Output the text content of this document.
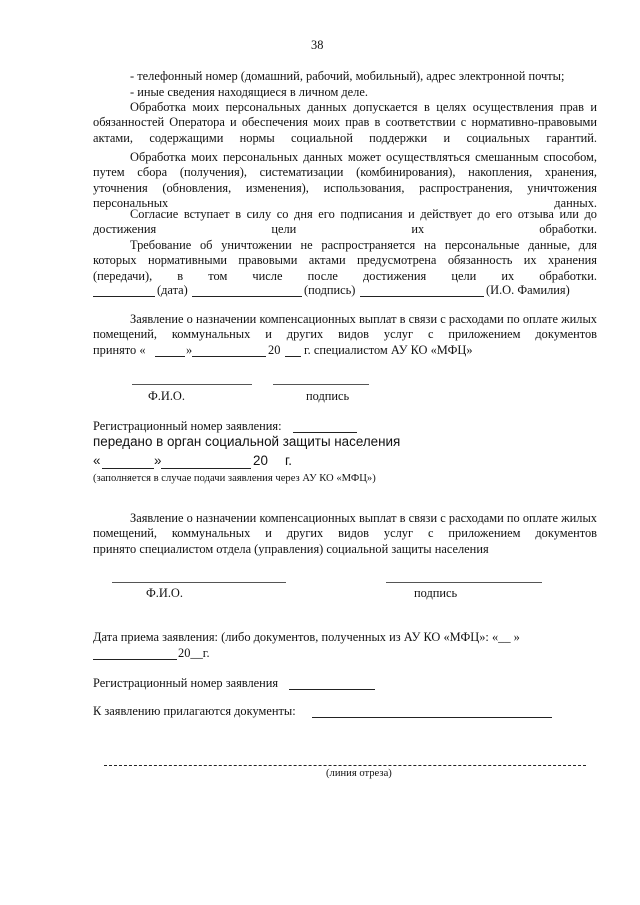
38
- телефонный номер (домашний, рабочий, мобильный), адрес электронной почты;
- иные сведения находящиеся в личном деле.
Обработка моих персональных данных допускается в целях осуществления прав и обязанностей Оператора и обеспечения моих прав в соответствии с нормативно-правовыми актами, содержащими нормы социальной поддержки и социальных гарантий.
Обработка моих персональных данных может осуществляться смешанным способом, путем сбора (получения), систематизации (комбинирования), накопления, хранения, уточнения (обновления, изменения), использования, распространения, уничтожения персональных данных.
Согласие вступает в силу со дня его подписания и действует до его отзыва или до достижения цели их обработки.
Требование об уничтожении не распространяется на персональные данные, для которых нормативными правовыми актами предусмотрена обязанность их хранения (передачи), в том числе после достижения цели их обработки.
(дата)	(подпись)	(И.О. Фамилия)
Заявление о назначении компенсационных выплат в связи с расходами по оплате жилых помещений, коммунальных и других видов услуг с приложением документов
принято «	»	20 г. специалистом АУ КО «МФЦ»
Ф.И.О.	подпись
Регистрационный номер заявления:
передано в орган социальной защиты населения
«	»	20 г.
(заполняется в случае подачи заявления через АУ КО «МФЦ»)
Заявление о назначении компенсационных выплат в связи с расходами по оплате жилых помещений, коммунальных и других видов услуг с приложением документов
принято специалистом отдела (управления) социальной защиты населения
Ф.И.О.	подпись
Дата приема заявления: (либо документов, полученных из АУ КО «МФЦ»: «__ »
20__г.
Регистрационный номер заявления
К заявлению прилагаются документы:
(линия отреза)
